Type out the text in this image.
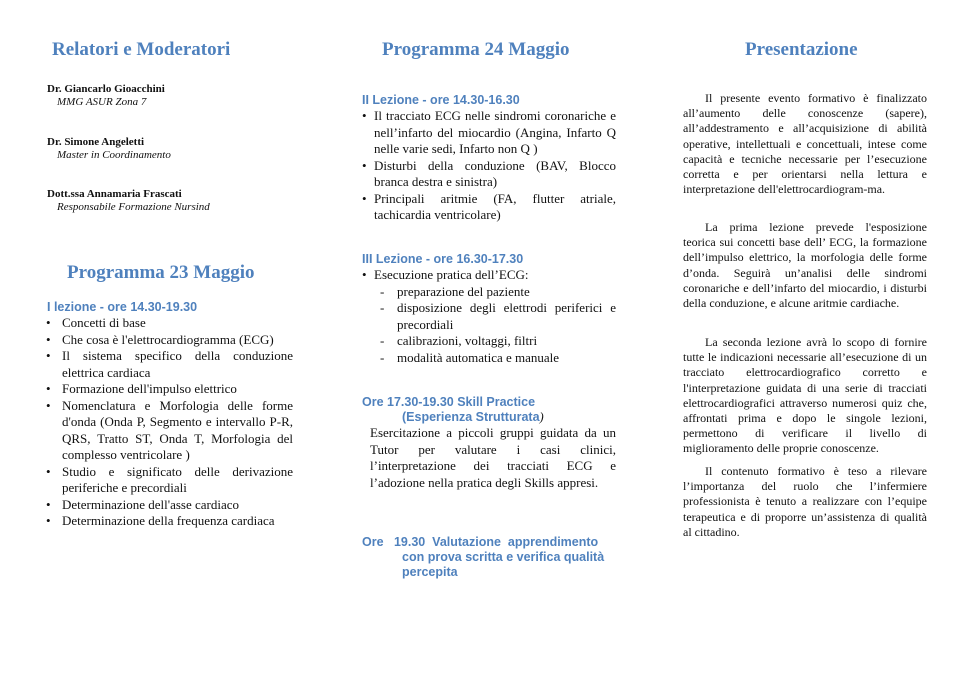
Relatori e Moderatori
Dr. Giancarlo Gioacchini
MMG ASUR Zona 7
Dr. Simone Angeletti
Master in Coordinamento
Dott.ssa Annamaria Frascati
Responsabile Formazione Nursind
Programma 23 Maggio
I lezione - ore 14.30-19.30
• Concetti di base
• Che cosa è l'elettrocardiogramma (ECG)
• Il sistema specifico della conduzione elettrica cardiaca
• Formazione dell'impulso elettrico
• Nomenclatura e Morfologia delle forme d'onda (Onda P, Segmento e intervallo P-R, QRS, Tratto ST, Onda T, Morfologia del complesso ventricolare )
• Studio e significato delle derivazione periferiche e precordiali
• Determinazione dell'asse cardiaco
• Determinazione della frequenza cardiaca
Programma 24 Maggio
II Lezione - ore 14.30-16.30
• Il tracciato ECG nelle sindromi coronariche e nell’infarto del miocardio (Angina, Infarto Q nelle varie sedi, Infarto non Q )
• Disturbi della conduzione (BAV, Blocco branca destra e sinistra)
• Principali aritmie (FA, flutter atriale, tachicardia ventricolare)
III Lezione - ore 16.30-17.30
• Esecuzione pratica dell’ECG:
- preparazione del paziente
- disposizione degli elettrodi periferici e precordiali
- calibrazioni, voltaggi, filtri
- modalità automatica e manuale
Ore 17.30-19.30 Skill Practice
(Esperienza Strutturata)
Esercitazione a piccoli gruppi guidata da un Tutor per valutare i casi clinici, l’interpretazione dei tracciati ECG e l’adozione nella pratica degli Skills appresi.
Ore   19.30  Valutazione  apprendimento
con prova scritta e verifica qualità
percepita
Presentazione

Il presente evento formativo è finalizzato all’aumento delle conoscenze (sapere), all’addestramento e all’acquisizione di abilità operative, intellettuali e concettuali, intese come capacità e tecniche necessarie per l’esecuzione corretta e per orientarsi nella lettura e interpretazione dell'elettrocardiogram-ma.

La prima lezione prevede l'esposizione teorica sui concetti base dell’ ECG, la formazione dell’impulso elettrico, la morfologia delle forme d’onda. Seguirà un’analisi delle sindromi coronariche e dell’infarto del miocardio, i disturbi della conduzione, e alcune aritmie cardiache.

La seconda lezione avrà lo scopo di fornire tutte le indicazioni necessarie all’esecuzione di un tracciato elettrocardiografico corretto e l'interpretazione guidata di una serie di tracciati elettrocardiografici attraverso numerosi quiz che, affrontati prima e dopo le singole lezioni, permettono di verificare il livello di miglioramento delle proprie conoscenze.

Il contenuto formativo è teso a rilevare l’importanza del ruolo che l’infermiere professionista è tenuto a realizzare con l’equipe terapeutica e di proporre un’assistenza di qualità al cittadino.
